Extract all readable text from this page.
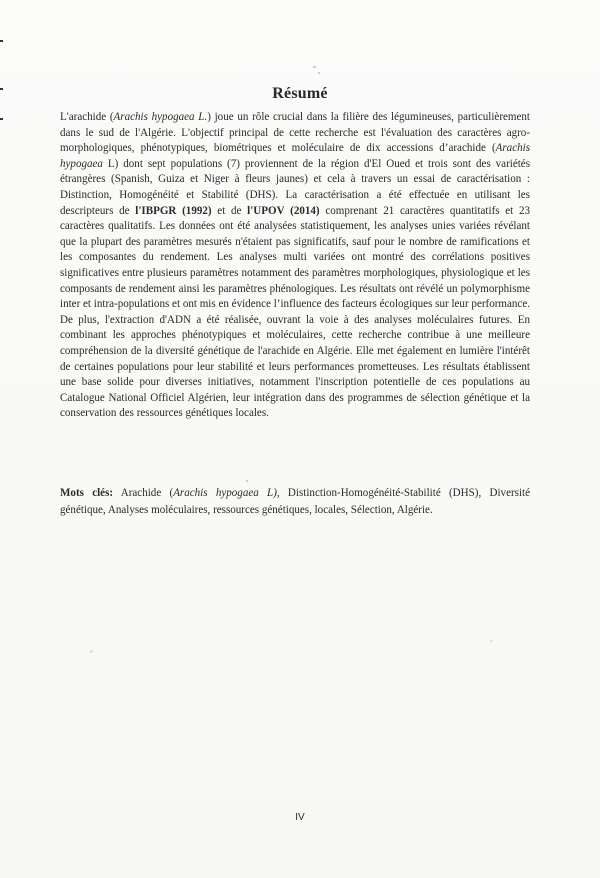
Résumé

L'arachide (Arachis hypogaea L.) joue un rôle crucial dans la filière des légumineuses, particulièrement dans le sud de l'Algérie. L'objectif principal de cette recherche est l'évaluation des caractères agro-morphologiques, phénotypiques, biométriques et moléculaire de dix accessions d’arachide (Arachis hypogaea L) dont sept populations (7) proviennent de la région d'El Oued et trois sont des variétés étrangères (Spanish, Guiza et Niger à fleurs jaunes) et cela à travers un essai de caractérisation : Distinction, Homogénéité et Stabilité (DHS). La caractérisation a été effectuée en utilisant les descripteurs de l'IBPGR (1992) et de l'UPOV (2014) comprenant 21 caractères quantitatifs et 23 caractères qualitatifs. Les données ont été analysées statistiquement, les analyses unies variées révélant que la plupart des paramètres mesurés n'étaient pas significatifs, sauf pour le nombre de ramifications et les composantes du rendement. Les analyses multi variées ont montré des corrélations positives significatives entre plusieurs paramètres notamment des paramètres morphologiques, physiologique et les composants de rendement ainsi les paramètres phénologiques. Les résultats ont révélé un polymorphisme inter et intra-populations et ont mis en évidence l’influence des facteurs écologiques sur leur performance. De plus, l'extraction d'ADN a été réalisée, ouvrant la voie à des analyses moléculaires futures. En combinant les approches phénotypiques et moléculaires, cette recherche contribue à une meilleure compréhension de la diversité génétique de l'arachide en Algérie. Elle met également en lumière l'intérêt de certaines populations pour leur stabilité et leurs performances prometteuses. Les résultats établissent une base solide pour diverses initiatives, notamment l'inscription potentielle de ces populations au Catalogue National Officiel Algérien, leur intégration dans des programmes de sélection génétique et la conservation des ressources génétiques locales.

Mots clés: Arachide (Arachis hypogaea L), Distinction-Homogénéité-Stabilité (DHS), Diversité génétique, Analyses moléculaires, ressources génétiques, locales, Sélection, Algérie.
IV
